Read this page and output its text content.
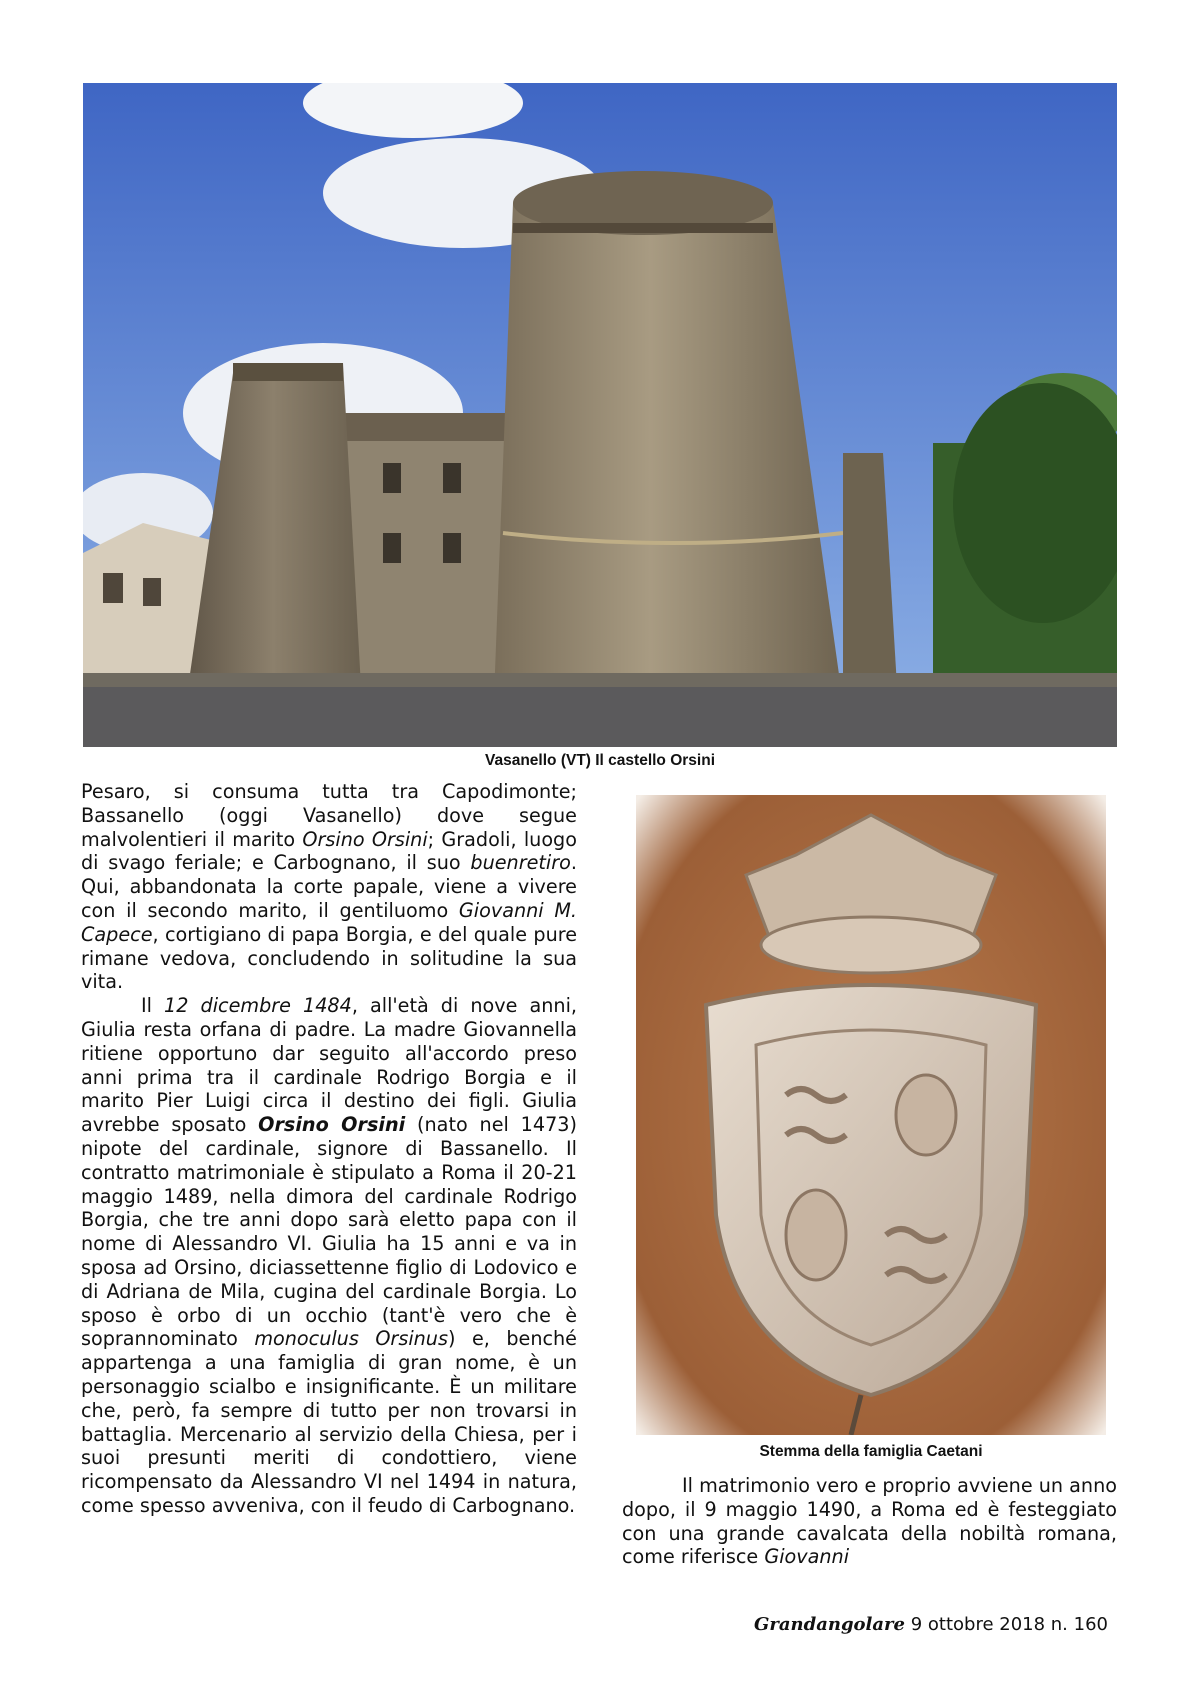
Vasanello (VT) Il castello Orsini
Stemma della famiglia Caetani

Pesaro, si consuma tutta tra Capodimonte; Bassanello (oggi Vasanello) dove segue malvolentieri il marito Orsino Orsini; Gradoli, luogo di svago feriale; e Carbognano, il suo buenretiro. Qui, abbandonata la corte papale, viene a vivere con il secondo marito, il gentiluomo Giovanni M. Capece, cortigiano di papa Borgia, e del quale pure rimane vedova, concludendo in solitudine la sua vita.

Il 12 dicembre 1484, all'età di nove anni, Giulia resta orfana di padre. La madre Giovannella ritiene opportuno dar seguito all'accordo preso anni prima tra il cardinale Rodrigo Borgia e il marito Pier Luigi circa il destino dei figli. Giulia avrebbe sposato Orsino Orsini (nato nel 1473) nipote del cardinale, signore di Bassanello. Il contratto matrimoniale è stipulato a Roma il 20-21 maggio 1489, nella dimora del cardinale Rodrigo Borgia, che tre anni dopo sarà eletto papa con il nome di Alessandro VI. Giulia ha 15 anni e va in sposa ad Orsino, diciassettenne figlio di Lodovico e di Adriana de Mila, cugina del cardinale Borgia. Lo sposo è orbo di un occhio (tant'è vero che è soprannominato monoculus Orsinus) e, benché appartenga a una famiglia di gran nome, è un personaggio scialbo e insignificante. È un militare che, però, fa sempre di tutto per non trovarsi in battaglia. Mercenario al servizio della Chiesa, per i suoi presunti meriti di condottiero, viene ricompensato da Alessandro VI nel 1494 in natura, come spesso avveniva, con il feudo di Carbognano.

Il matrimonio vero e proprio avviene un anno dopo, il 9 maggio 1490, a Roma ed è festeggiato con una grande cavalcata della nobiltà romana, come riferisce Giovanni

Grandangolare 9 ottobre 2018 n. 160
